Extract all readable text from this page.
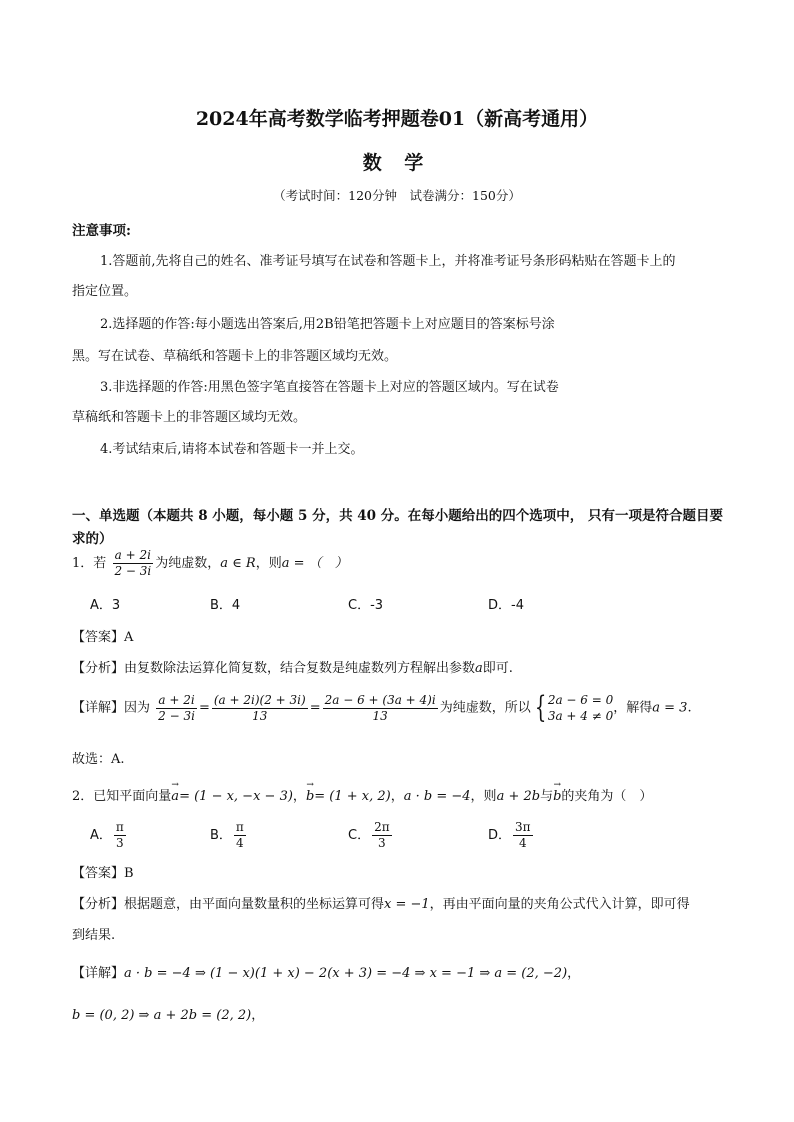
2024年高考数学临考押题卷01（新高考通用）
数 学
（考试时间：120分钟　试卷满分：150分）
注意事项:
1.答题前,先将自己的姓名、准考证号填写在试卷和答题卡上，并将准考证号条形码粘贴在答题卡上的
指定位置。
2.选择题的作答:每小题选出答案后,用2B铅笔把答题卡上对应题目的答案标号涂
黑。写在试卷、草稿纸和答题卡上的非答题区域均无效。
3.非选择题的作答:用黑色签字笔直接答在答题卡上对应的答题区域内。写在试卷
草稿纸和答题卡上的非答题区域均无效。
4.考试结束后,请将本试卷和答题卡一并上交。
一、单选题（本题共 8 小题，每小题 5 分，共 40 分。在每小题给出的四个选项中， 只有一项是符合题目要求的）
1．若 $\frac{a + 2i}{2 - 3i}$ 为纯虚数，a ∈ R，则a = （　）
A．3	B．4	C．-3	D．-4
【答案】A
【分析】由复数除法运算化简复数，结合复数是纯虚数列方程解出参数a即可.
【详解】因为 $\frac{a + 2i}{2 - 3i} = \frac{(a + 2i)(2 + 3i)}{13} = \frac{2a - 6 + (3a + 4)i}{13}$ 为纯虚数，所以 { 2a − 6 = 0
3a + 4 ≠ 0
，解得a = 3.
故选：A.
2．已知平面向量→ a= (1 − x, −x − 3)，→ b= (1 + x, 2)，a · b = −4，则a + 2b与→ b的夹角为（　）
A． $\frac{\pi}{3}$	B． $\frac{\pi}{4}$	C． $\frac{2\pi}{3}$	D． $\frac{3\pi}{4}$
【答案】B
【分析】根据题意，由平面向量数量积的坐标运算可得x = −1，再由平面向量的夹角公式代入计算，即可得
到结果.
【详解】a · b = −4 ⇒ (1 − x)(1 + x) − 2(x + 3) = −4 ⇒ x = −1 ⇒ a = (2, −2)，
b = (0, 2) ⇒ a + 2b = (2, 2)，
